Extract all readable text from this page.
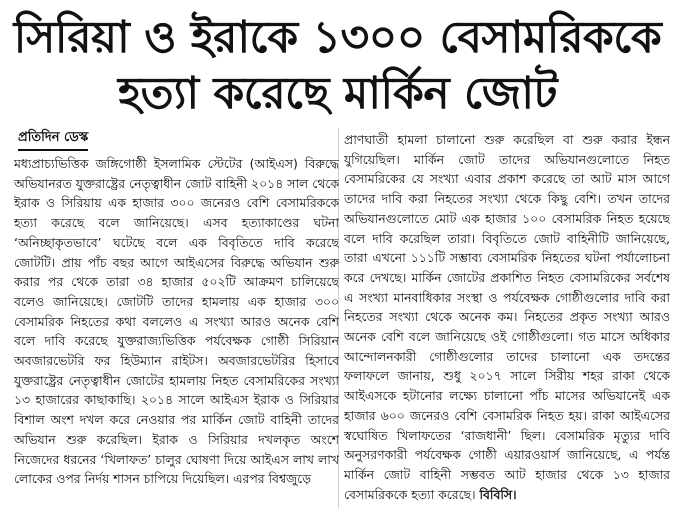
সিরিয়া ও ইরাকে ১৩০০ বেসামরিককে
হত্যা করেছে মার্কিন জোট
প্রতিদিন ডেস্ক

মধ্যপ্রাচ্যভিত্তিক জঙ্গিগোষ্ঠী ইসলামিক স্টেটের (আইএস) বিরুদ্ধে অভিযানরত যুক্তরাষ্ট্রের নেতৃত্বাধীন জোট বাহিনী ২০১৪ সাল থেকে ইরাক ও সিরিয়ায় এক হাজার ৩০০ জনেরও বেশি বেসামরিককে হত্যা করেছে বলে জানিয়েছে। এসব হত্যাকাণ্ডের ঘটনা ‘অনিচ্ছাকৃতভাবে’ ঘটেছে বলে এক বিবৃতিতে দাবি করেছে জোটটি। প্রায় পাঁচ বছর আগে আইএসের বিরুদ্ধে অভিযান শুরু করার পর থেকে তারা ৩৪ হাজার ৫০২টি আক্রমণ চালিয়েছে বলেও জানিয়েছে। জোটটি তাদের হামলায় এক হাজার ৩০০ বেসামরিক নিহতের কথা বললেও এ সংখ্যা আরও অনেক বেশি বলে দাবি করেছে যুক্তরাজ্যভিত্তিক পর্যবেক্ষক গোষ্ঠী সিরিয়ান অবজারভেটরি ফর হিউম্যান রাইটস। অবজারভেটরির হিসাবে যুক্তরাষ্ট্রের নেতৃত্বাধীন জোটের হামলায় নিহত বেসামরিকের সংখ্যা ১৩ হাজারের কাছাকাছি। ২০১৪ সালে আইএস ইরাক ও সিরিয়ার বিশাল অংশ দখল করে নেওয়ার পর মার্কিন জোট বাহিনী তাদের অভিযান শুরু করেছিল। ইরাক ও সিরিয়ার দখলকৃত অংশে নিজেদের ধরনের ‘খিলাফত’ চালুর ঘোষণা দিয়ে আইএস লাখ লাখ লোকের ওপর নির্দয় শাসন চাপিয়ে দিয়েছিল। এরপর বিশ্বজুড়ে

প্রাণঘাতী হামলা চালানো শুরু করেছিল বা শুরু করার ইন্ধন যুগিয়েছিল। মার্কিন জোট তাদের অভিযানগুলোতে নিহত বেসামরিকের যে সংখ্যা এবার প্রকাশ করেছে তা আট মাস আগে তাদের দাবি করা নিহতের সংখ্যা থেকে কিছু বেশি। তখন তাদের অভিযানগুলোতে মোট এক হাজার ১০০ বেসামরিক নিহত হয়েছে বলে দাবি করেছিল তারা। বিবৃতিতে জোট বাহিনীটি জানিয়েছে, তারা এখনো ১১১টি সম্ভাব্য বেসামরিক নিহতের ঘটনা পর্যালোচনা করে দেখছে। মার্কিন জোটের প্রকাশিত নিহত বেসামরিকের সর্বশেষ এ সংখ্যা মানবাধিকার সংস্থা ও পর্যবেক্ষক গোষ্ঠীগুলোর দাবি করা নিহতের সংখ্যা থেকে অনেক কম। নিহতের প্রকৃত সংখ্যা আরও অনেক বেশি বলে জানিয়েছে ওই গোষ্ঠীগুলো। গত মাসে অধিকার আন্দোলনকারী গোষ্ঠীগুলোর তাদের চালানো এক তদন্তের ফলাফলে জানায়, শুধু ২০১৭ সালে সিরীয় শহর রাকা থেকে আইএসকে হটানোর লক্ষ্যে চালানো পাঁচ মাসের অভিযানেই এক হাজার ৬০০ জনেরও বেশি বেসামরিক নিহত হয়। রাকা আইএসের স্বঘোষিত খিলাফতের ‘রাজধানী’ ছিল। বেসামরিক মৃত্যুর দাবি অনুসরণকারী পর্যবেক্ষক গোষ্ঠী এয়ারওয়ার্স জানিয়েছে, এ পর্যন্ত মার্কিন জোট বাহিনী সম্ভবত আট হাজার থেকে ১৩ হাজার বেসামরিককে হত্যা করেছে। বিবিসি।
